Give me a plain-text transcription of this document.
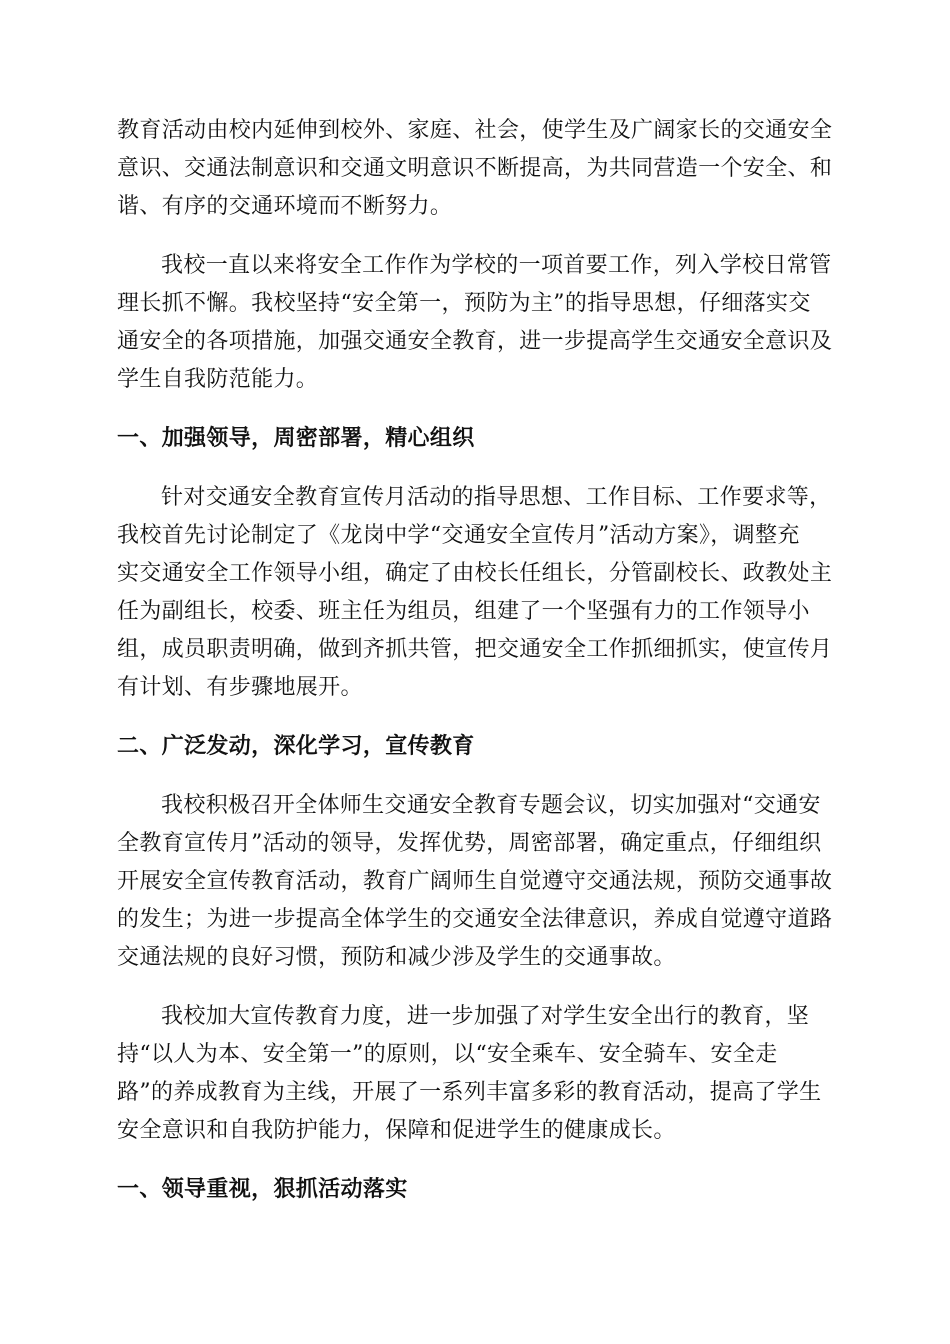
教育活动由校内延伸到校外、家庭、社会，使学生及广阔家长的交通安全
意识、交通法制意识和交通文明意识不断提高，为共同营造一个安全、和
谐、有序的交通环境而不断努力。

我校一直以来将安全工作作为学校的一项首要工作，列入学校日常管
理长抓不懈。我校坚持“安全第一，预防为主”的指导思想，仔细落实交
通安全的各项措施，加强交通安全教育，进一步提高学生交通安全意识及
学生自我防范能力。

一、加强领导，周密部署，精心组织

针对交通安全教育宣传月活动的指导思想、工作目标、工作要求等，
我校首先讨论制定了《龙岗中学“交通安全宣传月”活动方案》，调整充
实交通安全工作领导小组，确定了由校长任组长，分管副校长、政教处主
任为副组长，校委、班主任为组员，组建了一个坚强有力的工作领导小
组，成员职责明确，做到齐抓共管，把交通安全工作抓细抓实，使宣传月
有计划、有步骤地展开。

二、广泛发动，深化学习，宣传教育

我校积极召开全体师生交通安全教育专题会议，切实加强对“交通安
全教育宣传月”活动的领导，发挥优势，周密部署，确定重点，仔细组织
开展安全宣传教育活动，教育广阔师生自觉遵守交通法规，预防交通事故
的发生；为进一步提高全体学生的交通安全法律意识，养成自觉遵守道路
交通法规的良好习惯，预防和减少涉及学生的交通事故。

我校加大宣传教育力度，进一步加强了对学生安全出行的教育，坚
持“以人为本、安全第一”的原则，以“安全乘车、安全骑车、安全走
路”的养成教育为主线，开展了一系列丰富多彩的教育活动，提高了学生
安全意识和自我防护能力，保障和促进学生的健康成长。

一、领导重视，狠抓活动落实
